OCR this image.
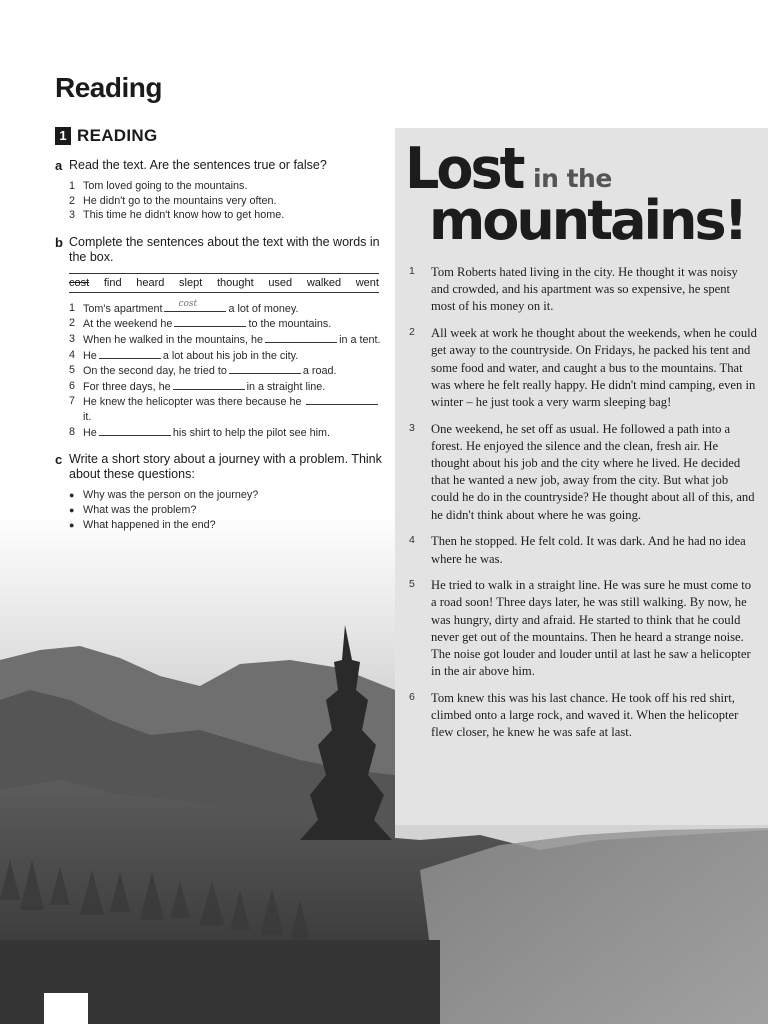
Reading
1 READING
a Read the text. Are the sentences true or false?
1 Tom loved going to the mountains.
2 He didn't go to the mountains very often.
3 This time he didn't know how to get home.
b Complete the sentences about the text with the words in the box.
cost find heard slept thought used walked went
1 Tom's apartment cost	a lot of money.
2 At the weekend he	to the mountains.
3 When he walked in the mountains, he	in a tent.
4 He	a lot about his job in the city.
5 On the second day, he tried to	a road.
6 For three days, he	in a straight line.
7 He knew the helicopter was there because he it.
8 He	his shirt to help the pilot see him.
c Write a short story about a journey with a problem. Think about these questions:
● Why was the person on the journey?
● What was the problem?
● What happened in the end?
Lost in the
mountains!
1	Tom Roberts hated living in the city. He thought it was noisy and crowded, and his apartment was so expensive, he spent most of his money on it.
2	All week at work he thought about the weekends, when he could get away to the countryside. On Fridays, he packed his tent and some food and water, and caught a bus to the mountains. That was where he felt really happy. He didn't mind camping, even in winter – he just took a very warm sleeping bag!
3	One weekend, he set off as usual. He followed a path into a forest. He enjoyed the silence and the clean, fresh air. He thought about his job and the city where he lived. He decided that he wanted a new job, away from the city. But what job could he do in the countryside? He thought about all of this, and he didn't think about where he was going.
4	Then he stopped. He felt cold. It was dark. And he had no idea where he was.
5	He tried to walk in a straight line. He was sure he must come to a road soon! Three days later, he was still walking. By now, he was hungry, dirty and afraid. He started to think that he could never get out of the mountains. Then he heard a strange noise. The noise got louder and louder until at last he saw a helicopter in the air above him.
6	Tom knew this was his last chance. He took off his red shirt, climbed onto a large rock, and waved it. When the helicopter flew closer, he knew he was safe at last.
